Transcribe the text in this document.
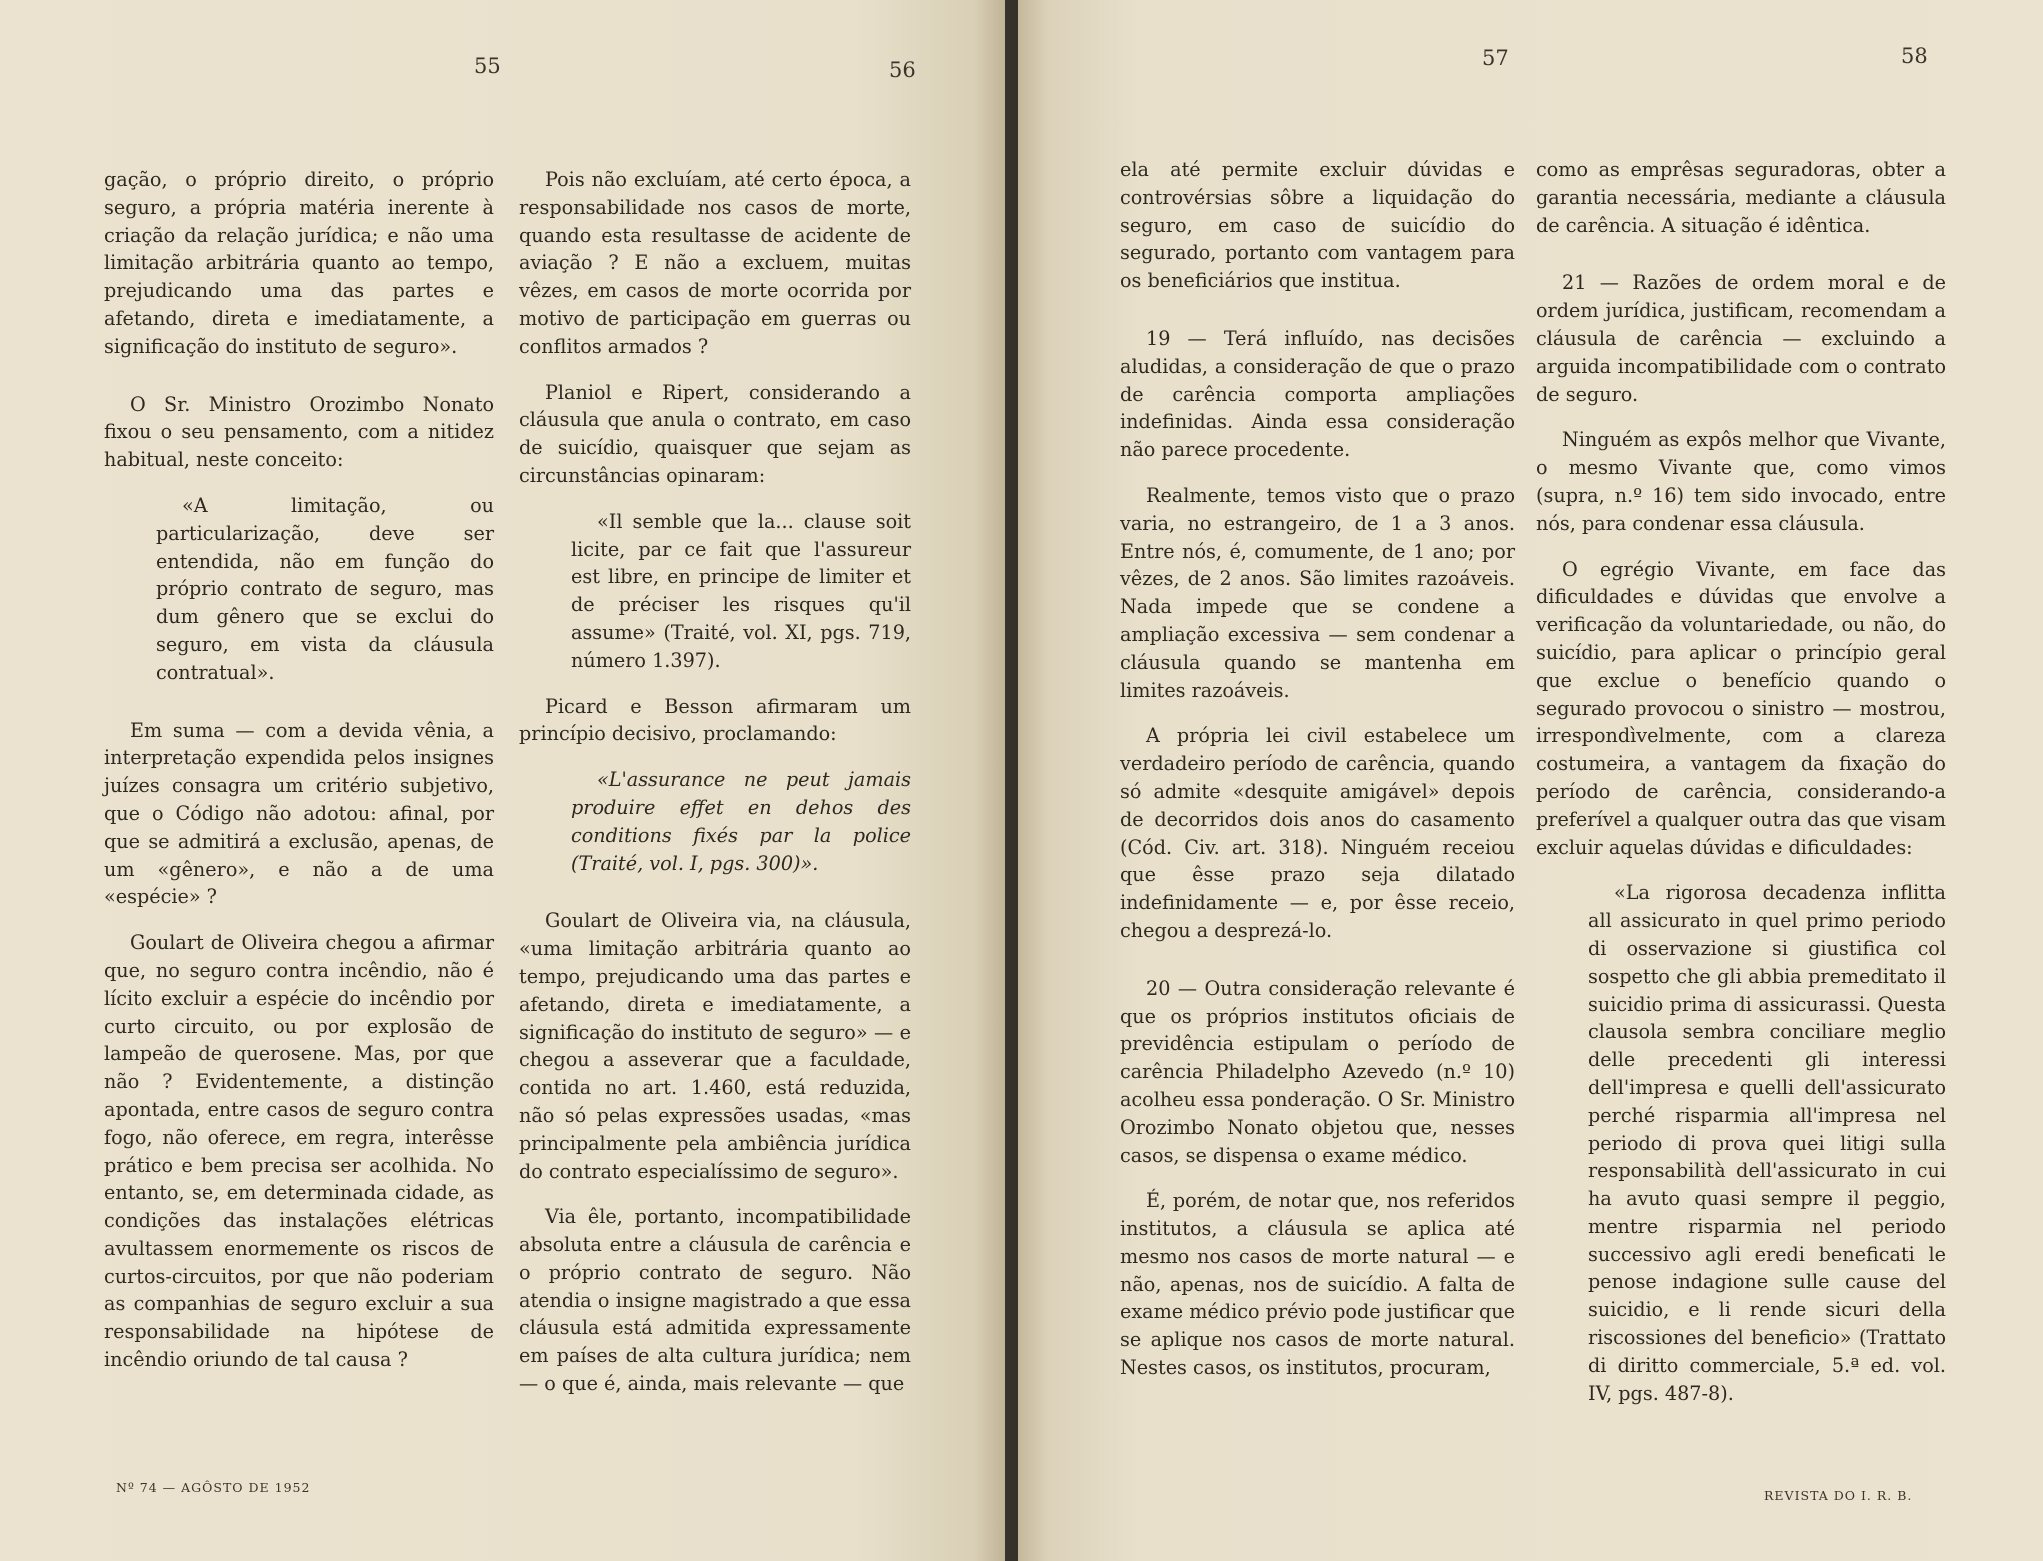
55	56

gação, o próprio direito, o próprio seguro, a própria matéria inerente à criação da relação jurídica; e não uma limitação arbitrária quanto ao tempo, prejudicando uma das partes e afetando, direta e imediatamente, a significação do instituto de seguro».

O Sr. Ministro Orozimbo Nonato fixou o seu pensamento, com a nitidez habitual, neste conceito:

«A limitação, ou particularização, deve ser entendida, não em função do próprio contrato de seguro, mas dum gênero que se exclui do seguro, em vista da cláusula contratual».

Em suma — com a devida vênia, a interpretação expendida pelos insignes juízes consagra um critério subjetivo, que o Código não adotou: afinal, por que se admitirá a exclusão, apenas, de um «gênero», e não a de uma «espécie» ?

Goulart de Oliveira chegou a afirmar que, no seguro contra incêndio, não é lícito excluir a espécie do incêndio por curto circuito, ou por explosão de lampeão de querosene. Mas, por que não ? Evidentemente, a distinção apontada, entre casos de seguro contra fogo, não oferece, em regra, interêsse prático e bem precisa ser acolhida. No entanto, se, em determinada cidade, as condições das instalações elétricas avultassem enormemente os riscos de curtos-circuitos, por que não poderiam as companhias de seguro excluir a sua responsabilidade na hipótese de incêndio oriundo de tal causa ?

Pois não excluíam, até certo época, a responsabilidade nos casos de morte, quando esta resultasse de acidente de aviação ? E não a excluem, muitas vêzes, em casos de morte ocorrida por motivo de participação em guerras ou conflitos armados ?

Planiol e Ripert, considerando a cláusula que anula o contrato, em caso de suicídio, quaisquer que sejam as circunstâncias opinaram:

«Il semble que la... clause soit licite, par ce fait que l'assureur est libre, en principe de limiter et de préciser les risques qu'il assume» (Traité, vol. XI, pgs. 719, número 1.397).

Picard e Besson afirmaram um princípio decisivo, proclamando:

«L'assurance ne peut jamais produire effet en dehos des conditions fixés par la police (Traité, vol. I, pgs. 300)».

Goulart de Oliveira via, na cláusula, «uma limitação arbitrária quanto ao tempo, prejudicando uma das partes e afetando, direta e imediatamente, a significação do instituto de seguro» — e chegou a asseverar que a faculdade, contida no art. 1.460, está reduzida, não só pelas expressões usadas, «mas principalmente pela ambiência jurídica do contrato especialíssimo de seguro».

Via êle, portanto, incompatibilidade absoluta entre a cláusula de carência e o próprio contrato de seguro. Não atendia o insigne magistrado a que essa cláusula está admitida expressamente em países de alta cultura jurídica; nem — o que é, ainda, mais relevante — que

Nº 74 — AGÔSTO DE 1952
57	58

ela até permite excluir dúvidas e controvérsias sôbre a liquidação do seguro, em caso de suicídio do segurado, portanto com vantagem para os beneficiários que institua.

19 — Terá influído, nas decisões aludidas, a consideração de que o prazo de carência comporta ampliações indefinidas. Ainda essa consideração não parece procedente.

Realmente, temos visto que o prazo varia, no estrangeiro, de 1 a 3 anos. Entre nós, é, comumente, de 1 ano; por vêzes, de 2 anos. São limites razoáveis. Nada impede que se condene a ampliação excessiva — sem condenar a cláusula quando se mantenha em limites razoáveis.

A própria lei civil estabelece um verdadeiro período de carência, quando só admite «desquite amigável» depois de decorridos dois anos do casamento (Cód. Civ. art. 318). Ninguém receiou que êsse prazo seja dilatado indefinidamente — e, por êsse receio, chegou a desprezá-lo.

20 — Outra consideração relevante é que os próprios institutos oficiais de previdência estipulam o período de carência Philadelpho Azevedo (n.º 10) acolheu essa ponderação. O Sr. Ministro Orozimbo Nonato objetou que, nesses casos, se dispensa o exame médico.

É, porém, de notar que, nos referidos institutos, a cláusula se aplica até mesmo nos casos de morte natural — e não, apenas, nos de suicídio. A falta de exame médico prévio pode justificar que se aplique nos casos de morte natural. Nestes casos, os institutos, procuram,

como as emprêsas seguradoras, obter a garantia necessária, mediante a cláusula de carência. A situação é idêntica.

21 — Razões de ordem moral e de ordem jurídica, justificam, recomendam a cláusula de carência — excluindo a arguida incompatibilidade com o contrato de seguro.

Ninguém as expôs melhor que Vivante, o mesmo Vivante que, como vimos (supra, n.º 16) tem sido invocado, entre nós, para condenar essa cláusula.

O egrégio Vivante, em face das dificuldades e dúvidas que envolve a verificação da voluntariedade, ou não, do suicídio, para aplicar o princípio geral que exclue o benefício quando o segurado provocou o sinistro — mostrou, irrespondìvelmente, com a clareza costumeira, a vantagem da fixação do período de carência, considerando-a preferível a qualquer outra das que visam excluir aquelas dúvidas e dificuldades:

«La rigorosa decadenza inflitta all assicurato in quel primo periodo di osservazione si giustifica col sospetto che gli abbia premeditato il suicidio prima di assicurassi. Questa clausola sembra conciliare meglio delle precedenti gli interessi dell'impresa e quelli dell'assicurato perché risparmia all'impresa nel periodo di prova quei litigi sulla responsabilità dell'assicurato in cui ha avuto quasi sempre il peggio, mentre risparmia nel periodo successivo agli eredi beneficati le penose indagione sulle cause del suicidio, e li rende sicuri della riscossiones del beneficio» (Trattato di diritto commerciale, 5.ª ed. vol. IV, pgs. 487-8).

REVISTA DO I. R. B.
